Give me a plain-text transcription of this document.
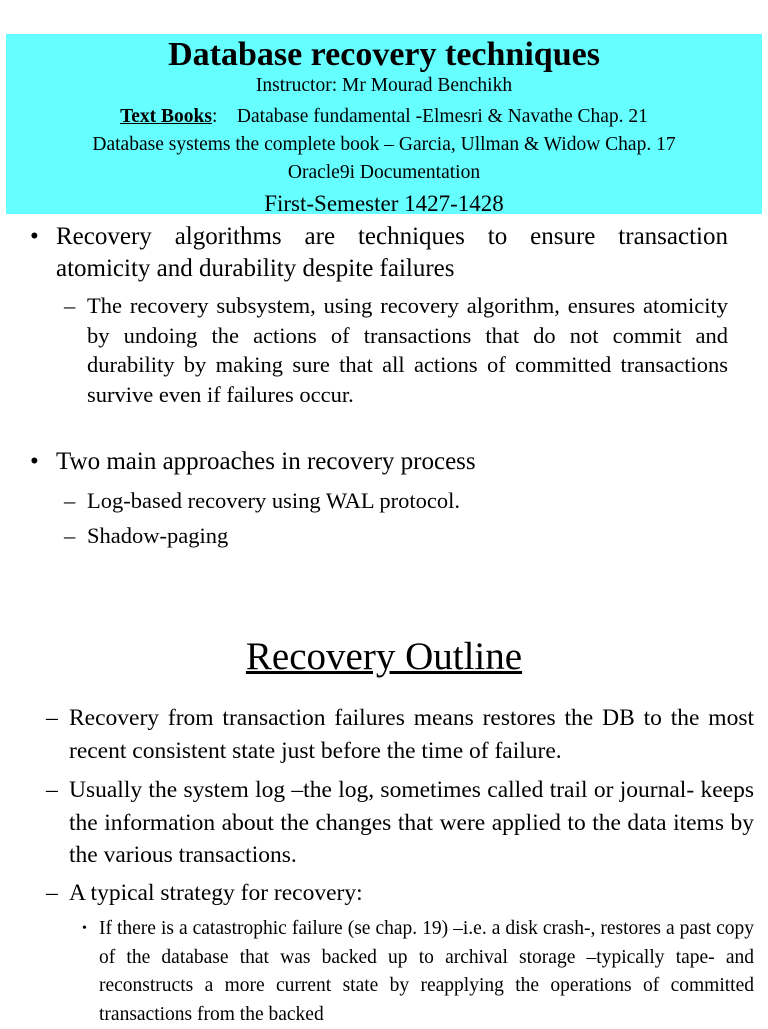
Database recovery techniques
Instructor: Mr Mourad Benchikh
Text Books: Database fundamental -Elmesri & Navathe Chap. 21
Database systems the complete book – Garcia, Ullman & Widow Chap. 17
Oracle9i Documentation
First-Semester 1427-1428
• Recovery algorithms are techniques to ensure transaction atomicity and durability despite failures
– The recovery subsystem, using recovery algorithm, ensures atomicity by undoing the actions of transactions that do not commit and durability by making sure that all actions of committed transactions survive even if failures occur.
• Two main approaches in recovery process
– Log-based recovery using WAL protocol.
– Shadow-paging
Recovery Outline
– Recovery from transaction failures means restores the DB to the most recent consistent state just before the time of failure.
– Usually the system log –the log, sometimes called trail or journal- keeps the information about the changes that were applied to the data items by the various transactions.
– A typical strategy for recovery:
• If there is a catastrophic failure (se chap. 19) –i.e. a disk crash-, restores a past copy of the database that was backed up to archival storage –typically tape- and reconstructs a more current state by reapplying the operations of committed transactions from the backed
